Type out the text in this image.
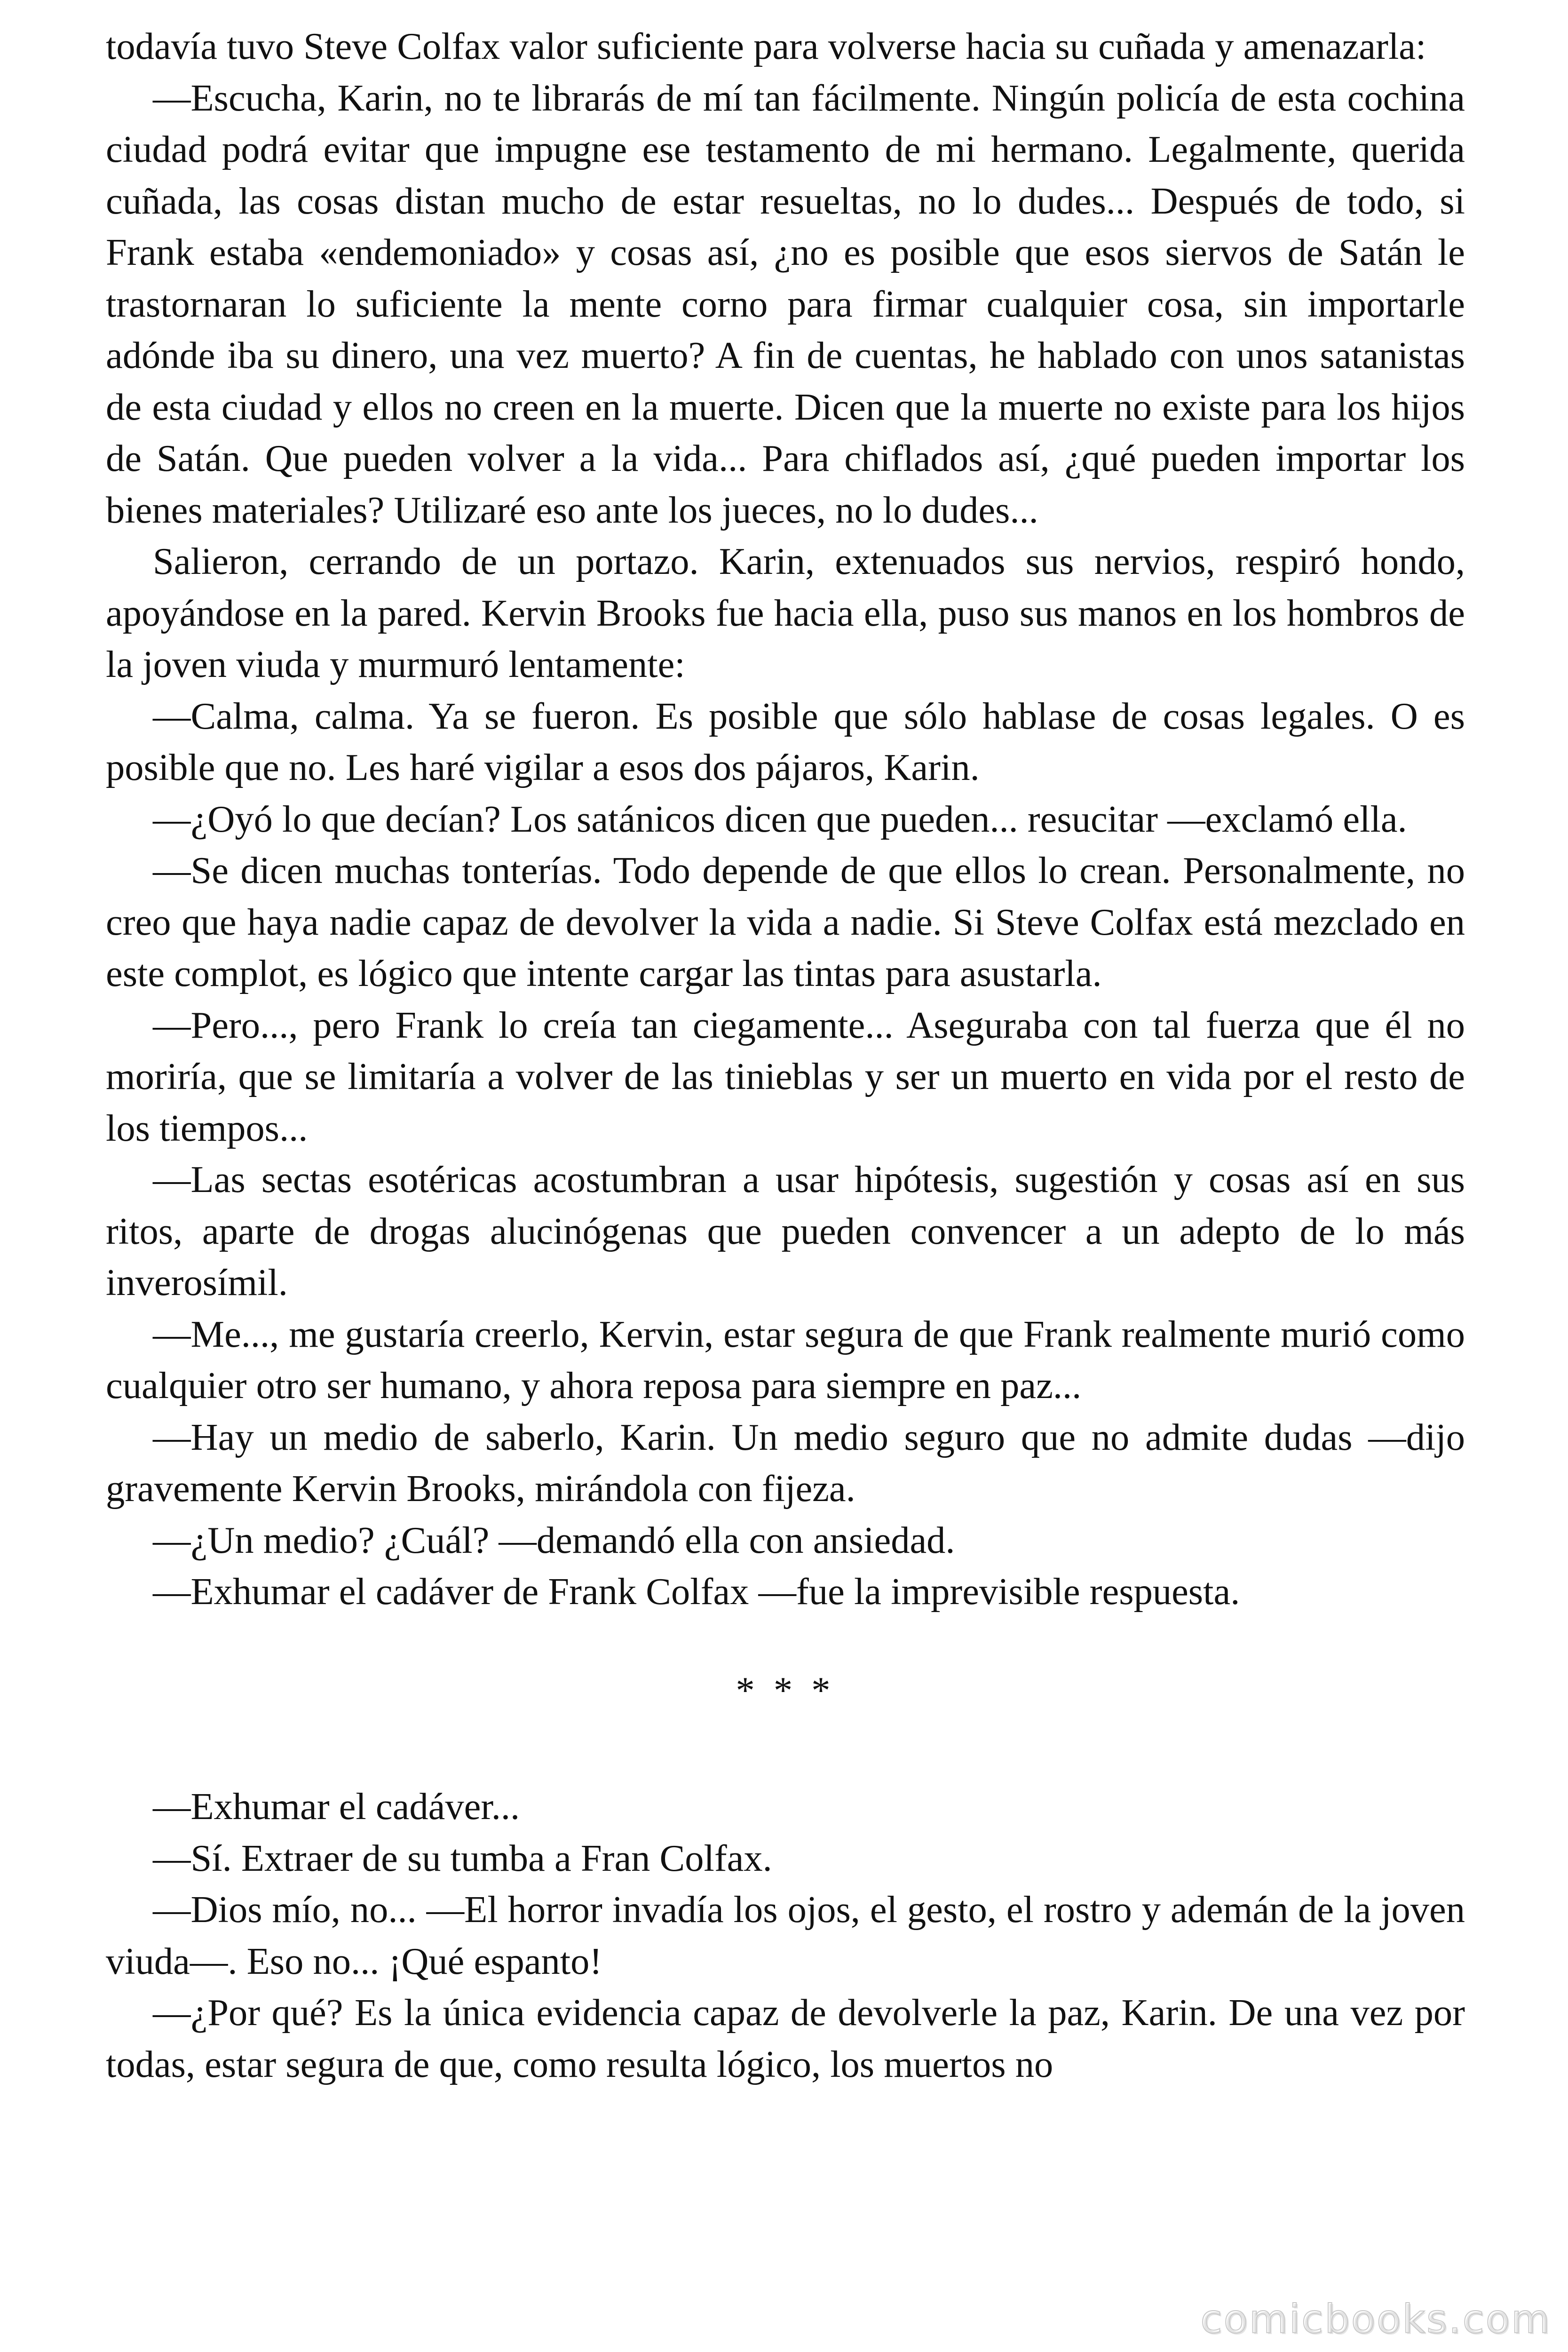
todavía tuvo Steve Colfax valor suficiente para volverse hacia su cuñada y amenazarla:

—Escucha, Karin, no te librarás de mí tan fácilmente. Ningún policía de esta cochina ciudad podrá evitar que impugne ese testamento de mi hermano. Legalmente, querida cuñada, las cosas distan mucho de estar resueltas, no lo dudes... Después de todo, si Frank estaba «endemoniado» y cosas así, ¿no es posible que esos siervos de Satán le trastornaran lo suficiente la mente corno para firmar cualquier cosa, sin importarle adónde iba su dinero, una vez muerto? A fin de cuentas, he hablado con unos satanistas de esta ciudad y ellos no creen en la muerte. Dicen que la muerte no existe para los hijos de Satán. Que pueden volver a la vida... Para chiflados así, ¿qué pueden importar los bienes materiales? Utilizaré eso ante los jueces, no lo dudes...

Salieron, cerrando de un portazo. Karin, extenuados sus nervios, respiró hondo, apoyándose en la pared. Kervin Brooks fue hacia ella, puso sus manos en los hombros de la joven viuda y murmuró lentamente:

—Calma, calma. Ya se fueron. Es posible que sólo hablase de cosas legales. O es posible que no. Les haré vigilar a esos dos pájaros, Karin.

—¿Oyó lo que decían? Los satánicos dicen que pueden... resucitar —exclamó ella.

—Se dicen muchas tonterías. Todo depende de que ellos lo crean. Personalmente, no creo que haya nadie capaz de devolver la vida a nadie. Si Steve Colfax está mezclado en este complot, es lógico que intente cargar las tintas para asustarla.

—Pero..., pero Frank lo creía tan ciegamente... Aseguraba con tal fuerza que él no moriría, que se limitaría a volver de las tinieblas y ser un muerto en vida por el resto de los tiempos...

—Las sectas esotéricas acostumbran a usar hipótesis, sugestión y cosas así en sus ritos, aparte de drogas alucinógenas que pueden convencer a un adepto de lo más inverosímil.

—Me..., me gustaría creerlo, Kervin, estar segura de que Frank realmente murió como cualquier otro ser humano, y ahora reposa para siempre en paz...

—Hay un medio de saberlo, Karin. Un medio seguro que no admite dudas —dijo gravemente Kervin Brooks, mirándola con fijeza.

—¿Un medio? ¿Cuál? —demandó ella con ansiedad.

—Exhumar el cadáver de Frank Colfax —fue la imprevisible respuesta.

* * *

—Exhumar el cadáver...

—Sí. Extraer de su tumba a Fran Colfax.

—Dios mío, no... —El horror invadía los ojos, el gesto, el rostro y ademán de la joven viuda—. Eso no... ¡Qué espanto!

—¿Por qué? Es la única evidencia capaz de devolverle la paz, Karin. De una vez por todas, estar segura de que, como resulta lógico, los muertos no

comicbooks.com
